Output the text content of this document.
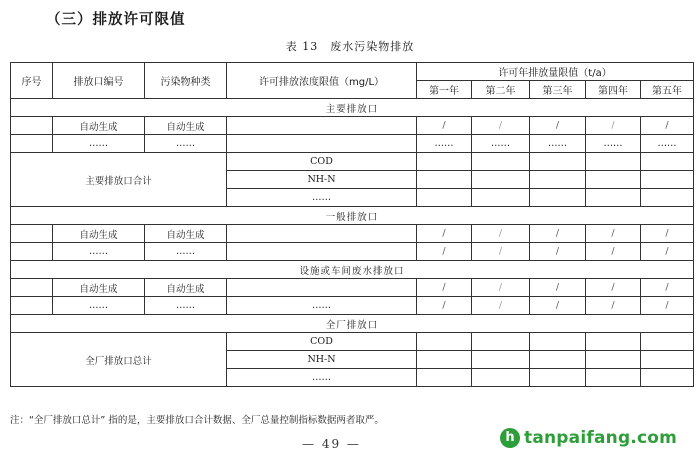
（三）排放许可限值
表 13　废水污染物排放
序号	排放口编号	污染物种类	许可排放浓度限值（mg/L）	许可年排放量限值（t/a）				
				第一年	第二年	第三年	第四年	第五年
主要排放口								
	自动生成	自动生成		/	/	/	/	/
	……	……		……	……	……	……	……
主要排放口合计			COD					
			NH-N					
			……					
一般排放口								
	自动生成	自动生成		/	/	/	/	/
	……	……		/	/	/	/	/
设施或车间废水排放口								
	自动生成	自动生成		/	/	/	/	/
	……	……	……	/	/	/	/	/
全厂排放口								
全厂排放口总计			COD					
			NH-N					
			……					
注：“全厂排放口总计” 指的是，主要排放口合计数据、全厂总量控制指标数据两者取严。
— 49 —	h tanpaifang.com
